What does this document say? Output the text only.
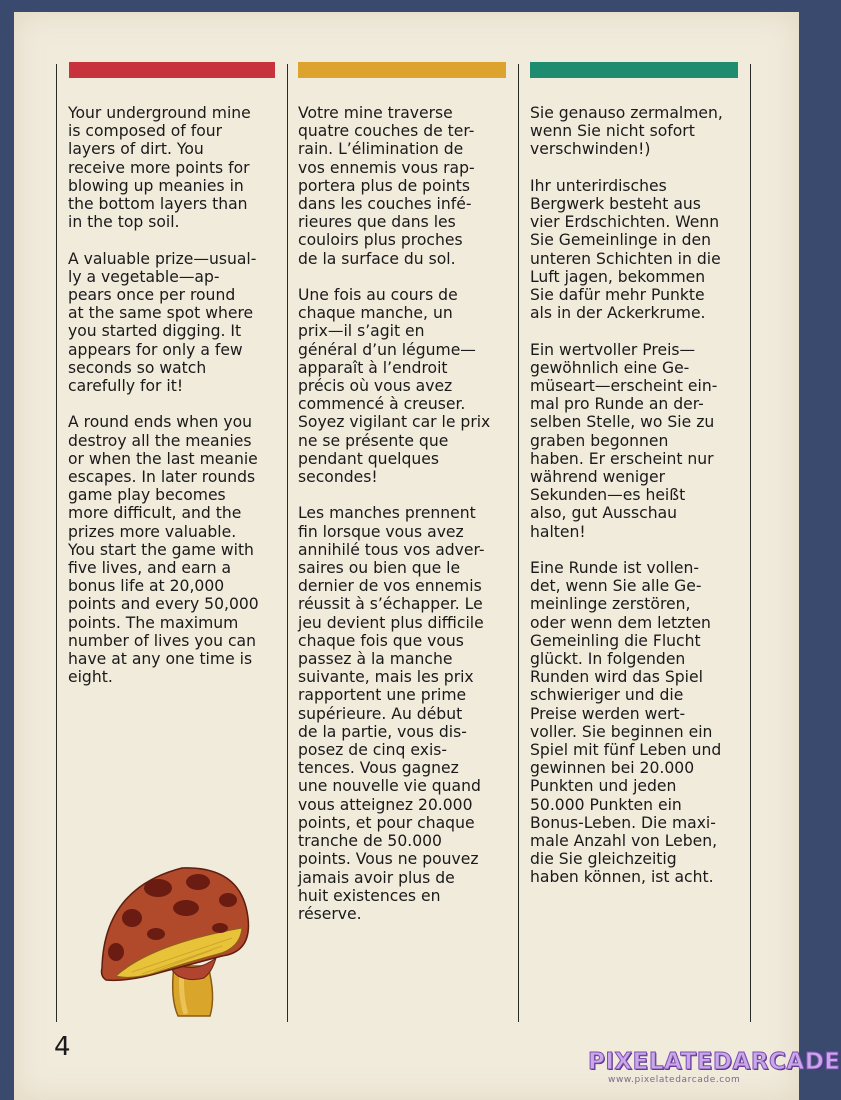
Your underground mine
is composed of four
layers of dirt. You
receive more points for
blowing up meanies in
the bottom layers than
in the top soil.

A valuable prize—usual-
ly a vegetable—ap-
pears once per round
at the same spot where
you started digging. It
appears for only a few
seconds so watch
carefully for it!

A round ends when you
destroy all the meanies
or when the last meanie
escapes. In later rounds
game play becomes
more difficult, and the
prizes more valuable.
You start the game with
five lives, and earn a
bonus life at 20,000
points and every 50,000
points. The maximum
number of lives you can
have at any one time is
eight.

Votre mine traverse
quatre couches de ter-
rain. L’élimination de
vos ennemis vous rap-
portera plus de points
dans les couches infé-
rieures que dans les
couloirs plus proches
de la surface du sol.

Une fois au cours de
chaque manche, un
prix—il s’agit en
général d’un légume—
apparaît à l’endroit
précis où vous avez
commencé à creuser.
Soyez vigilant car le prix
ne se présente que
pendant quelques
secondes!

Les manches prennent
fin lorsque vous avez
annihilé tous vos adver-
saires ou bien que le
dernier de vos ennemis
réussit à s’échapper. Le
jeu devient plus difficile
chaque fois que vous
passez à la manche
suivante, mais les prix
rapportent une prime
supérieure. Au début
de la partie, vous dis-
posez de cinq exis-
tences. Vous gagnez
une nouvelle vie quand
vous atteignez 20.000
points, et pour chaque
tranche de 50.000
points. Vous ne pouvez
jamais avoir plus de
huit existences en
réserve.

Sie genauso zermalmen,
wenn Sie nicht sofort
verschwinden!)

Ihr unterirdisches
Bergwerk besteht aus
vier Erdschichten. Wenn
Sie Gemeinlinge in den
unteren Schichten in die
Luft jagen, bekommen
Sie dafür mehr Punkte
als in der Ackerkrume.

Ein wertvoller Preis—
gewöhnlich eine Ge-
müseart—erscheint ein-
mal pro Runde an der-
selben Stelle, wo Sie zu
graben begonnen
haben. Er erscheint nur
während weniger
Sekunden—es heißt
also, gut Ausschau
halten!

Eine Runde ist vollen-
det, wenn Sie alle Ge-
meinlinge zerstören,
oder wenn dem letzten
Gemeinling die Flucht
glückt. In folgenden
Runden wird das Spiel
schwieriger und die
Preise werden wert-
voller. Sie beginnen ein
Spiel mit fünf Leben und
gewinnen bei 20.000
Punkten und jeden
50.000 Punkten ein
Bonus-Leben. Die maxi-
male Anzahl von Leben,
die Sie gleichzeitig
haben können, ist acht.

4	PIXELATEDARCADE
www.pixelatedarcade.com
